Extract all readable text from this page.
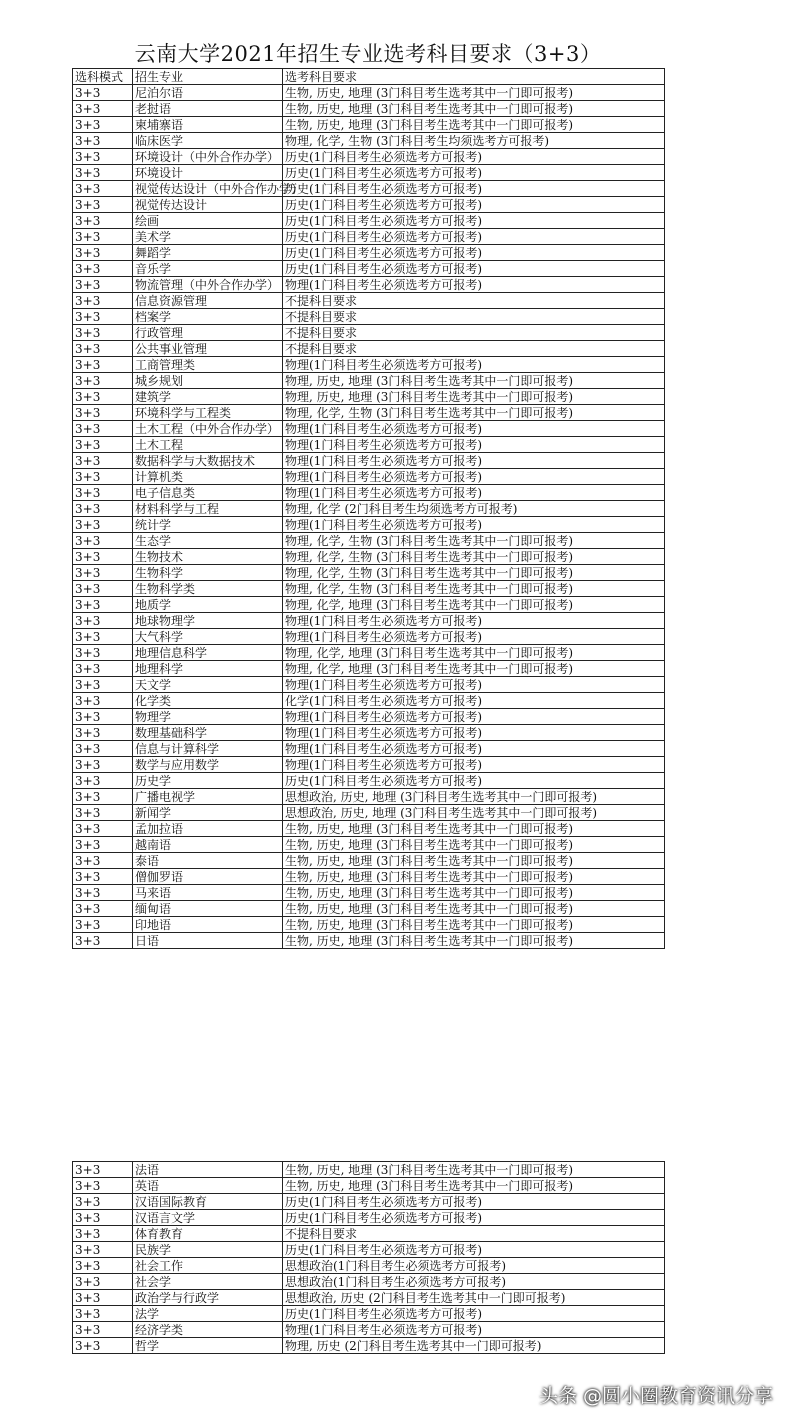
云南大学2021年招生专业选考科目要求（3+3）
选科模式	招生专业	选考科目要求
3+3	尼泊尔语	生物, 历史, 地理 (3门科目考生选考其中一门即可报考)
3+3	老挝语	生物, 历史, 地理 (3门科目考生选考其中一门即可报考)
3+3	柬埔寨语	生物, 历史, 地理 (3门科目考生选考其中一门即可报考)
3+3	临床医学	物理, 化学, 生物 (3门科目考生均须选考方可报考)
3+3	环境设计（中外合作办学）	历史(1门科目考生必须选考方可报考)
3+3	环境设计	历史(1门科目考生必须选考方可报考)
3+3	视觉传达设计（中外合作办学）	历史(1门科目考生必须选考方可报考)
3+3	视觉传达设计	历史(1门科目考生必须选考方可报考)
3+3	绘画	历史(1门科目考生必须选考方可报考)
3+3	美术学	历史(1门科目考生必须选考方可报考)
3+3	舞蹈学	历史(1门科目考生必须选考方可报考)
3+3	音乐学	历史(1门科目考生必须选考方可报考)
3+3	物流管理（中外合作办学）	物理(1门科目考生必须选考方可报考)
3+3	信息资源管理	不提科目要求
3+3	档案学	不提科目要求
3+3	行政管理	不提科目要求
3+3	公共事业管理	不提科目要求
3+3	工商管理类	物理(1门科目考生必须选考方可报考)
3+3	城乡规划	物理, 历史, 地理 (3门科目考生选考其中一门即可报考)
3+3	建筑学	物理, 历史, 地理 (3门科目考生选考其中一门即可报考)
3+3	环境科学与工程类	物理, 化学, 生物 (3门科目考生选考其中一门即可报考)
3+3	土木工程（中外合作办学）	物理(1门科目考生必须选考方可报考)
3+3	土木工程	物理(1门科目考生必须选考方可报考)
3+3	数据科学与大数据技术	物理(1门科目考生必须选考方可报考)
3+3	计算机类	物理(1门科目考生必须选考方可报考)
3+3	电子信息类	物理(1门科目考生必须选考方可报考)
3+3	材料科学与工程	物理, 化学 (2门科目考生均须选考方可报考)
3+3	统计学	物理(1门科目考生必须选考方可报考)
3+3	生态学	物理, 化学, 生物 (3门科目考生选考其中一门即可报考)
3+3	生物技术	物理, 化学, 生物 (3门科目考生选考其中一门即可报考)
3+3	生物科学	物理, 化学, 生物 (3门科目考生选考其中一门即可报考)
3+3	生物科学类	物理, 化学, 生物 (3门科目考生选考其中一门即可报考)
3+3	地质学	物理, 化学, 地理 (3门科目考生选考其中一门即可报考)
3+3	地球物理学	物理(1门科目考生必须选考方可报考)
3+3	大气科学	物理(1门科目考生必须选考方可报考)
3+3	地理信息科学	物理, 化学, 地理 (3门科目考生选考其中一门即可报考)
3+3	地理科学	物理, 化学, 地理 (3门科目考生选考其中一门即可报考)
3+3	天文学	物理(1门科目考生必须选考方可报考)
3+3	化学类	化学(1门科目考生必须选考方可报考)
3+3	物理学	物理(1门科目考生必须选考方可报考)
3+3	数理基础科学	物理(1门科目考生必须选考方可报考)
3+3	信息与计算科学	物理(1门科目考生必须选考方可报考)
3+3	数学与应用数学	物理(1门科目考生必须选考方可报考)
3+3	历史学	历史(1门科目考生必须选考方可报考)
3+3	广播电视学	思想政治, 历史, 地理 (3门科目考生选考其中一门即可报考)
3+3	新闻学	思想政治, 历史, 地理 (3门科目考生选考其中一门即可报考)
3+3	孟加拉语	生物, 历史, 地理 (3门科目考生选考其中一门即可报考)
3+3	越南语	生物, 历史, 地理 (3门科目考生选考其中一门即可报考)
3+3	泰语	生物, 历史, 地理 (3门科目考生选考其中一门即可报考)
3+3	僧伽罗语	生物, 历史, 地理 (3门科目考生选考其中一门即可报考)
3+3	马来语	生物, 历史, 地理 (3门科目考生选考其中一门即可报考)
3+3	缅甸语	生物, 历史, 地理 (3门科目考生选考其中一门即可报考)
3+3	印地语	生物, 历史, 地理 (3门科目考生选考其中一门即可报考)
3+3	日语	生物, 历史, 地理 (3门科目考生选考其中一门即可报考)
3+3	法语	生物, 历史, 地理 (3门科目考生选考其中一门即可报考)
3+3	英语	生物, 历史, 地理 (3门科目考生选考其中一门即可报考)
3+3	汉语国际教育	历史(1门科目考生必须选考方可报考)
3+3	汉语言文学	历史(1门科目考生必须选考方可报考)
3+3	体育教育	不提科目要求
3+3	民族学	历史(1门科目考生必须选考方可报考)
3+3	社会工作	思想政治(1门科目考生必须选考方可报考)
3+3	社会学	思想政治(1门科目考生必须选考方可报考)
3+3	政治学与行政学	思想政治, 历史 (2门科目考生选考其中一门即可报考)
3+3	法学	历史(1门科目考生必须选考方可报考)
3+3	经济学类	物理(1门科目考生必须选考方可报考)
3+3	哲学	物理, 历史 (2门科目考生选考其中一门即可报考)
头条 @圆小圈教育资讯分享
